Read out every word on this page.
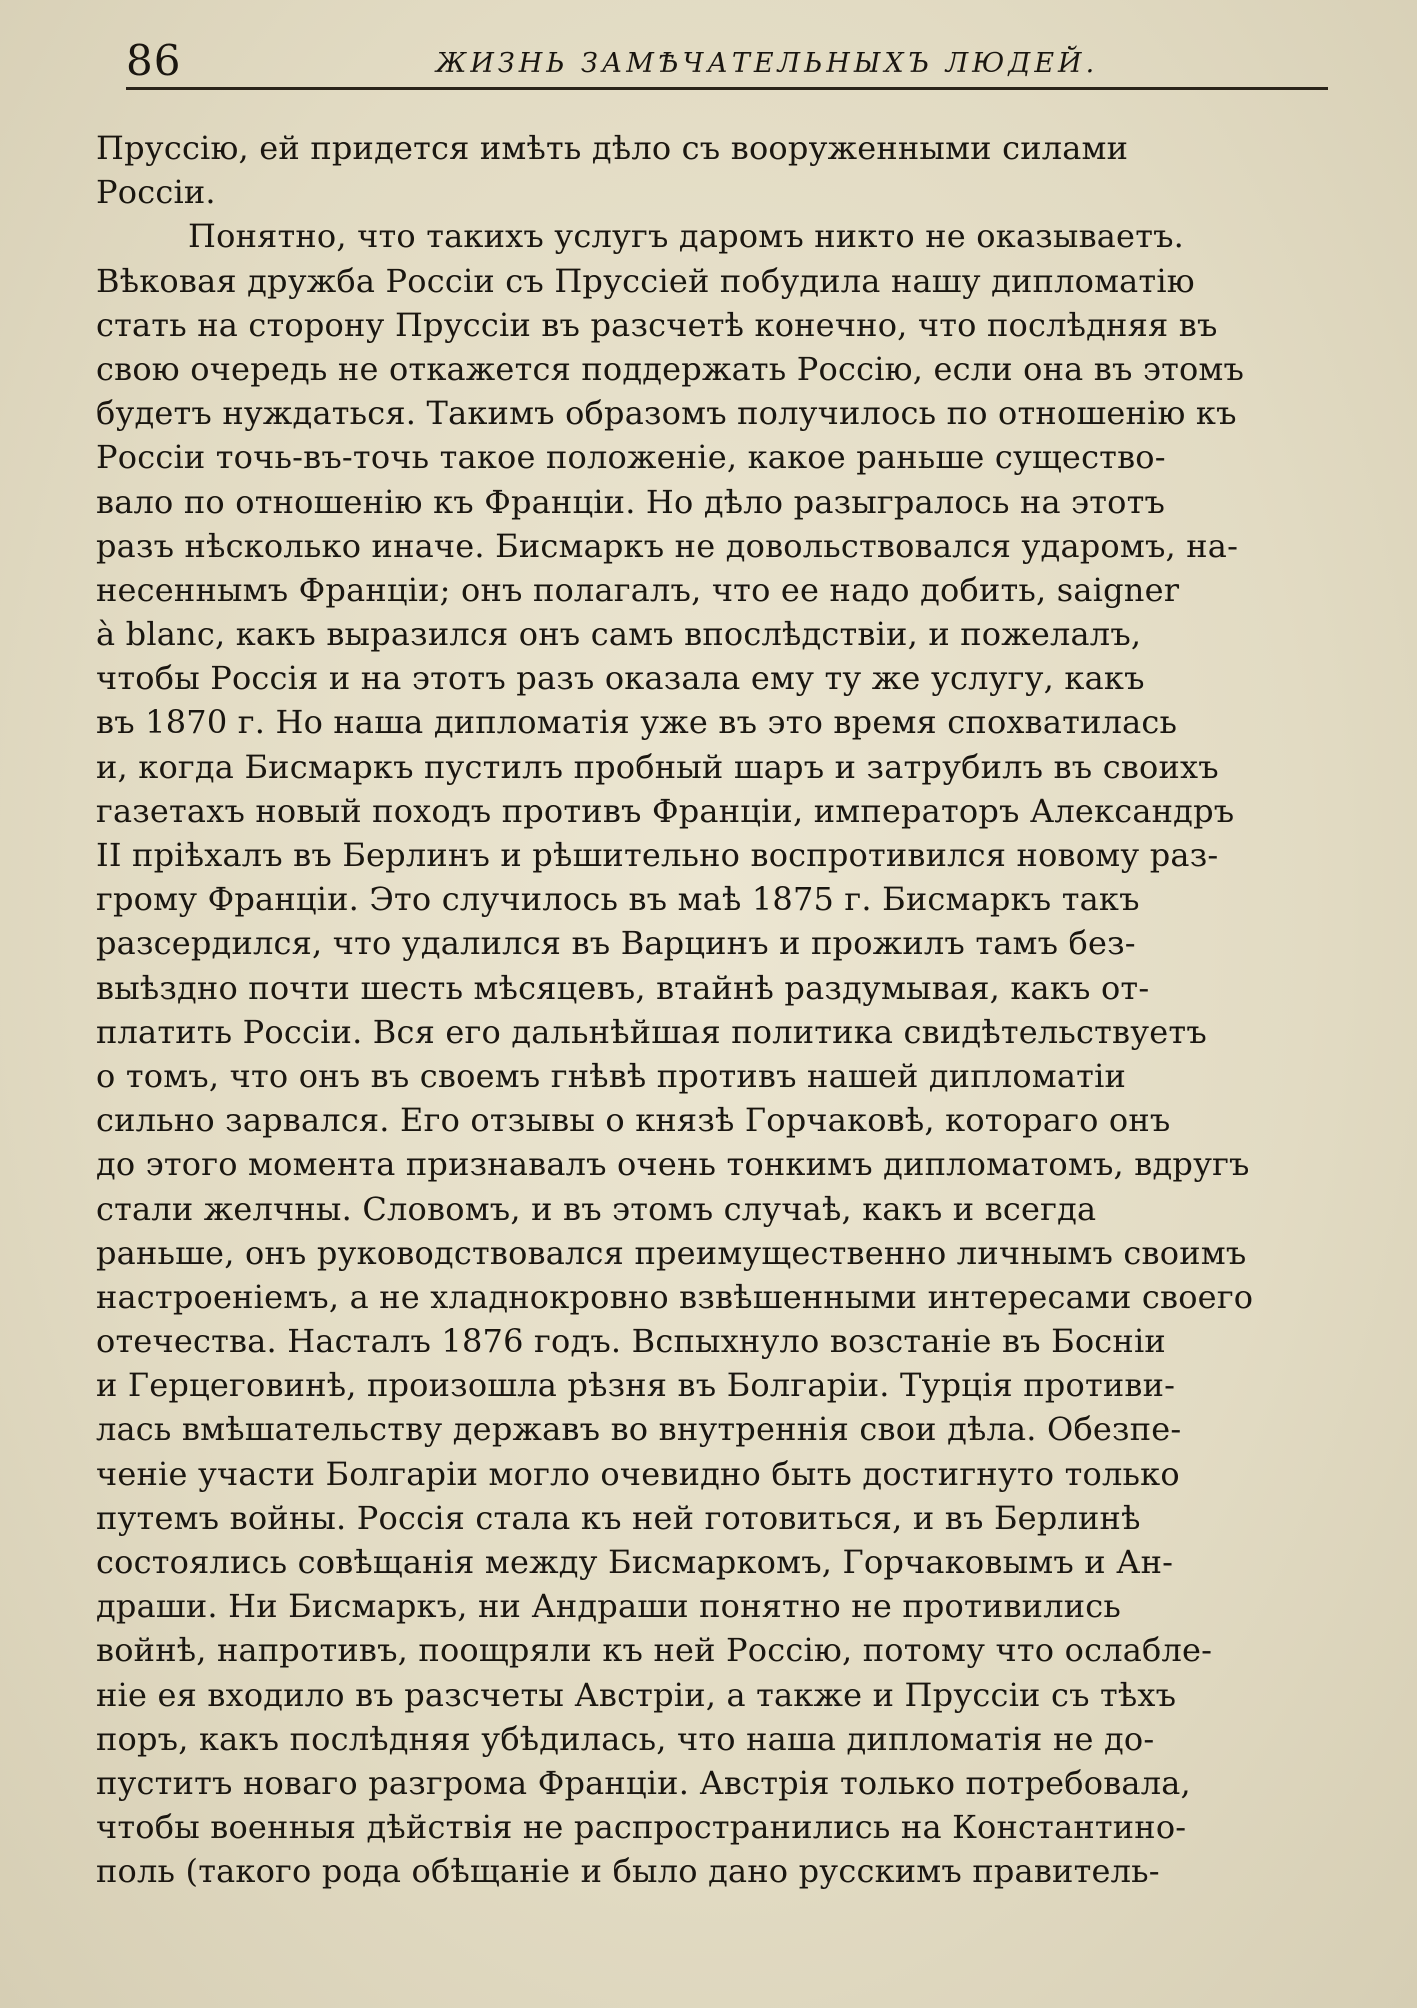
86	ЖИЗНЬ ЗАМѢЧАТЕЛЬНЫХЪ ЛЮДЕЙ.
Пруссію, ей придется имѣть дѣло съ вооруженными силами
Россіи.
Понятно, что такихъ услугъ даромъ никто не оказываетъ.
Вѣковая дружба Россіи съ Пруссіей побудила нашу дипломатію
стать на сторону Пруссіи въ разсчетѣ конечно, что послѣдняя въ
свою очередь не откажется поддержать Россію, если она въ этомъ
будетъ нуждаться. Такимъ образомъ получилось по отношенію къ
Россіи точь-въ-точь такое положеніе, какое раньше существо-
вало по отношенію къ Франціи. Но дѣло разыгралось на этотъ
разъ нѣсколько иначе. Бисмаркъ не довольствовался ударомъ, на-
несеннымъ Франціи; онъ полагалъ, что ее надо добить, saigner
à blanc, какъ выразился онъ самъ впослѣдствіи, и пожелалъ,
чтобы Россія и на этотъ разъ оказала ему ту же услугу, какъ
въ 1870 г. Но наша дипломатія уже въ это время спохватилась
и, когда Бисмаркъ пустилъ пробный шаръ и затрубилъ въ своихъ
газетахъ новый походъ противъ Франціи, императоръ Александръ
II пріѣхалъ въ Берлинъ и рѣшительно воспротивился новому раз-
грому Франціи. Это случилось въ маѣ 1875 г. Бисмаркъ такъ
разсердился, что удалился въ Варцинъ и прожилъ тамъ без-
выѣздно почти шесть мѣсяцевъ, втайнѣ раздумывая, какъ от-
платить Россіи. Вся его дальнѣйшая политика свидѣтельствуетъ
о томъ, что онъ въ своемъ гнѣвѣ противъ нашей дипломатіи
сильно зарвался. Его отзывы о князѣ Горчаковѣ, котораго онъ
до этого момента признавалъ очень тонкимъ дипломатомъ, вдругъ
стали желчны. Словомъ, и въ этомъ случаѣ, какъ и всегда
раньше, онъ руководствовался преимущественно личнымъ своимъ
настроеніемъ, а не хладнокровно взвѣшенными интересами своего
отечества. Насталъ 1876 годъ. Вспыхнуло возстаніе въ Босніи
и Герцеговинѣ, произошла рѣзня въ Болгаріи. Турція противи-
лась вмѣшательству державъ во внутреннія свои дѣла. Обезпе-
ченіе участи Болгаріи могло очевидно быть достигнуто только
путемъ войны. Россія стала къ ней готовиться, и въ Берлинѣ
состоялись совѣщанія между Бисмаркомъ, Горчаковымъ и Ан-
драши. Ни Бисмаркъ, ни Андраши понятно не противились
войнѣ, напротивъ, поощряли къ ней Россію, потому что ослабле-
ніе ея входило въ разсчеты Австріи, а также и Пруссіи съ тѣхъ
поръ, какъ послѣдняя убѣдилась, что наша дипломатія не до-
пуститъ новаго разгрома Франціи. Австрія только потребовала,
чтобы военныя дѣйствія не распространились на Константино-
поль (такого рода обѣщаніе и было дано русскимъ правитель-
